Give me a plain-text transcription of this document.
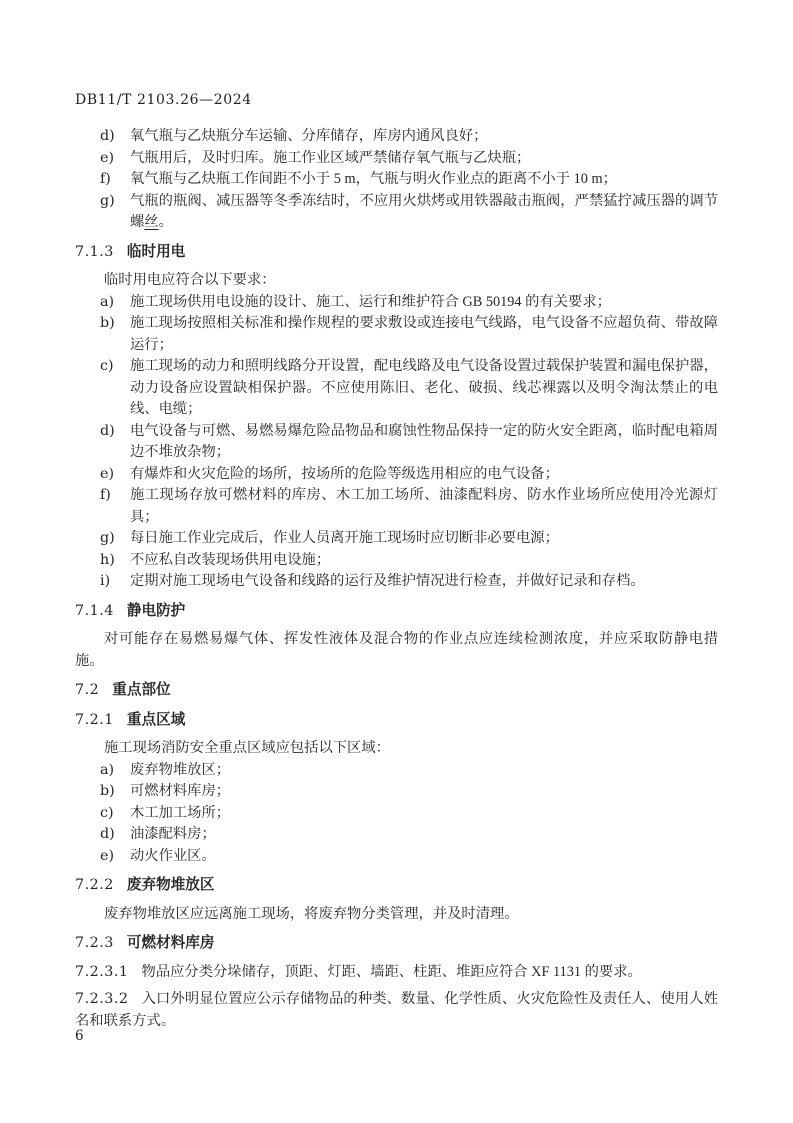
DB11/T 2103.26—2024
d)	氧气瓶与乙炔瓶分车运输、分库储存，库房内通风良好；
e)	气瓶用后，及时归库。施工作业区域严禁储存氧气瓶与乙炔瓶；
f)	氧气瓶与乙炔瓶工作间距不小于 5 m，气瓶与明火作业点的距离不小于 10 m；
g)	气瓶的瓶阀、减压器等冬季冻结时，不应用火烘烤或用铁器敲击瓶阀，严禁猛拧减压器的调节螺丝。
7.1.3 临时用电

临时用电应符合以下要求：

a)	施工现场供用电设施的设计、施工、运行和维护符合 GB 50194 的有关要求；
b)	施工现场按照相关标准和操作规程的要求敷设或连接电气线路，电气设备不应超负荷、带故障运行；
c)	施工现场的动力和照明线路分开设置，配电线路及电气设备设置过载保护装置和漏电保护器，动力设备应设置缺相保护器。不应使用陈旧、老化、破损、线芯裸露以及明令淘汰禁止的电线、电缆；
d)	电气设备与可燃、易燃易爆危险品物品和腐蚀性物品保持一定的防火安全距离，临时配电箱周边不堆放杂物；
e)	有爆炸和火灾危险的场所，按场所的危险等级选用相应的电气设备；
f)	施工现场存放可燃材料的库房、木工加工场所、油漆配料房、防水作业场所应使用冷光源灯具；
g)	每日施工作业完成后，作业人员离开施工现场时应切断非必要电源；
h)	不应私自改装现场供用电设施；
i)	定期对施工现场电气设备和线路的运行及维护情况进行检查，并做好记录和存档。
7.1.4 静电防护

对可能存在易燃易爆气体、挥发性液体及混合物的作业点应连续检测浓度，并应采取防静电措施。

7.2 重点部位
7.2.1 重点区域

施工现场消防安全重点区域应包括以下区域：

a)	废弃物堆放区；
b)	可燃材料库房；
c)	木工加工场所；
d)	油漆配料房；
e)	动火作业区。
7.2.2 废弃物堆放区

废弃物堆放区应远离施工现场，将废弃物分类管理，并及时清理。

7.2.3 可燃材料库房

7.2.3.1 物品应分类分垛储存，顶距、灯距、墙距、柱距、堆距应符合 XF 1131 的要求。

7.2.3.2 入口外明显位置应公示存储物品的种类、数量、化学性质、火灾危险性及责任人、使用人姓名和联系方式。

6
